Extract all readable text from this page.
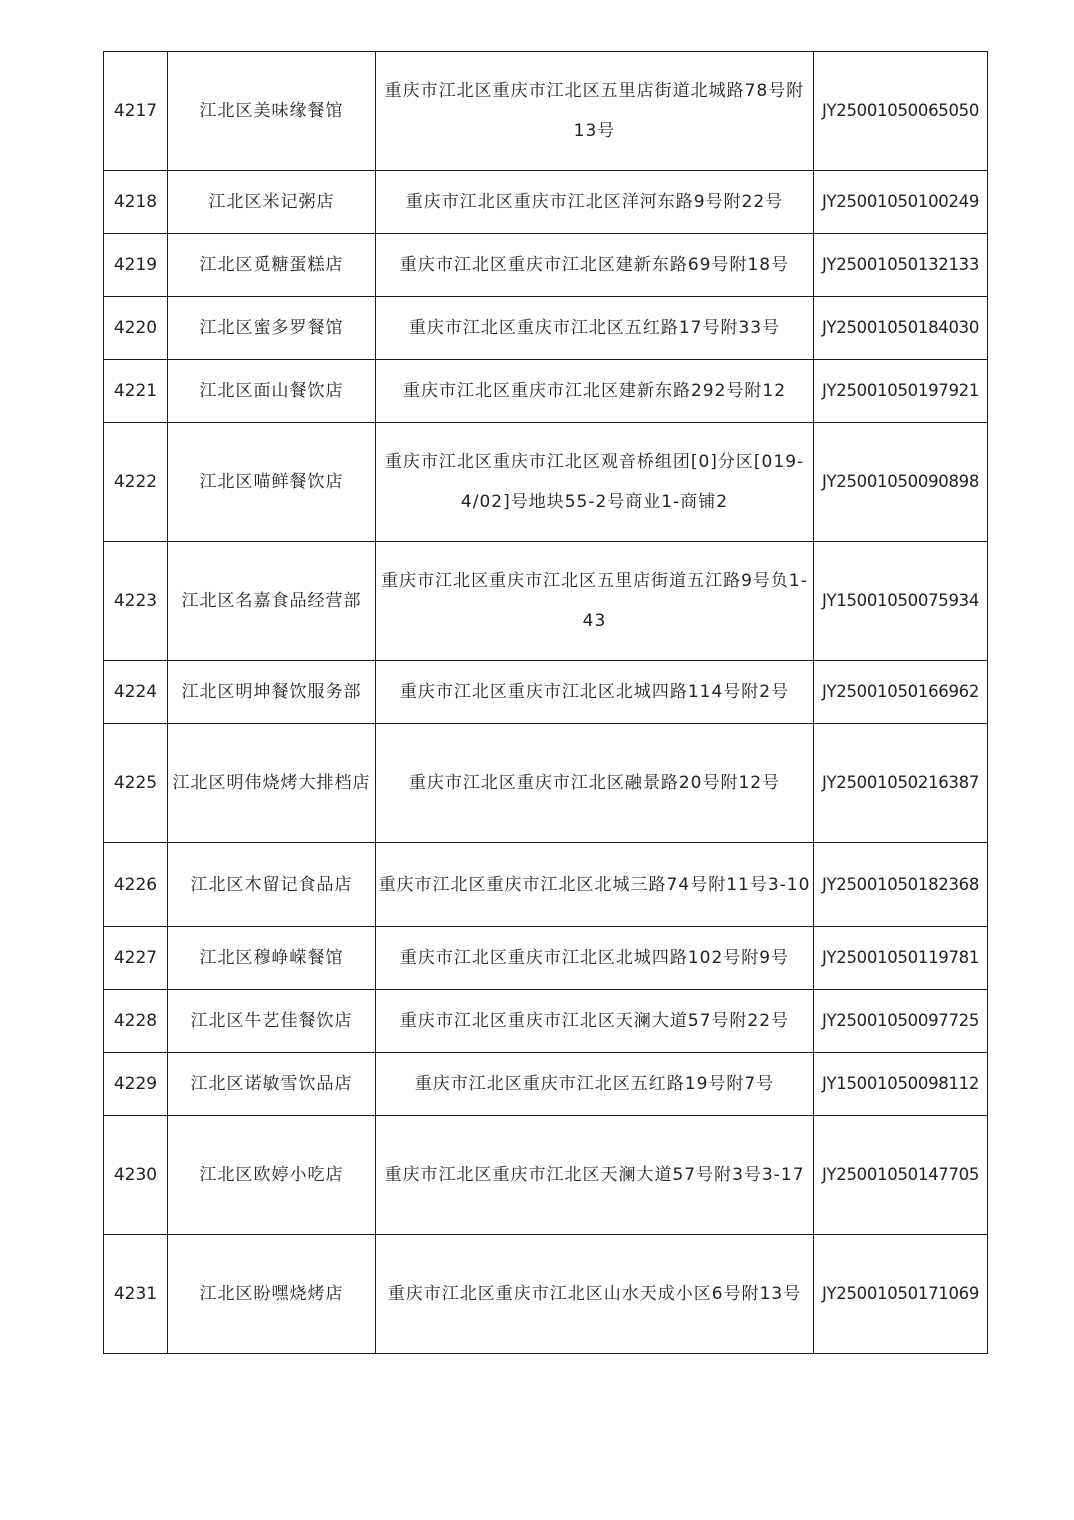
4217	江北区美味缘餐馆	重庆市江北区重庆市江北区五里店街道北城路78号附13号	JY25001050065050
4218	江北区米记粥店	重庆市江北区重庆市江北区洋河东路9号附22号	JY25001050100249
4219	江北区觅糖蛋糕店	重庆市江北区重庆市江北区建新东路69号附18号	JY25001050132133
4220	江北区蜜多罗餐馆	重庆市江北区重庆市江北区五红路17号附33号	JY25001050184030
4221	江北区面山餐饮店	重庆市江北区重庆市江北区建新东路292号附12	JY25001050197921
4222	江北区喵鲜餐饮店	重庆市江北区重庆市江北区观音桥组团[0]分区[019-4/02]号地块55-2号商业1-商铺2	JY25001050090898
4223	江北区名嘉食品经营部	重庆市江北区重庆市江北区五里店街道五江路9号负1-43	JY15001050075934
4224	江北区明坤餐饮服务部	重庆市江北区重庆市江北区北城四路114号附2号	JY25001050166962
4225	江北区明伟烧烤大排档店	重庆市江北区重庆市江北区融景路20号附12号	JY25001050216387
4226	江北区木留记食品店	重庆市江北区重庆市江北区北城三路74号附11号3-10	JY25001050182368
4227	江北区穆峥嵘餐馆	重庆市江北区重庆市江北区北城四路102号附9号	JY25001050119781
4228	江北区牛艺佳餐饮店	重庆市江北区重庆市江北区天澜大道57号附22号	JY25001050097725
4229	江北区诺敏雪饮品店	重庆市江北区重庆市江北区五红路19号附7号	JY15001050098112
4230	江北区欧婷小吃店	重庆市江北区重庆市江北区天澜大道57号附3号3-17	JY25001050147705
4231	江北区盼嘿烧烤店	重庆市江北区重庆市江北区山水天成小区6号附13号	JY25001050171069
